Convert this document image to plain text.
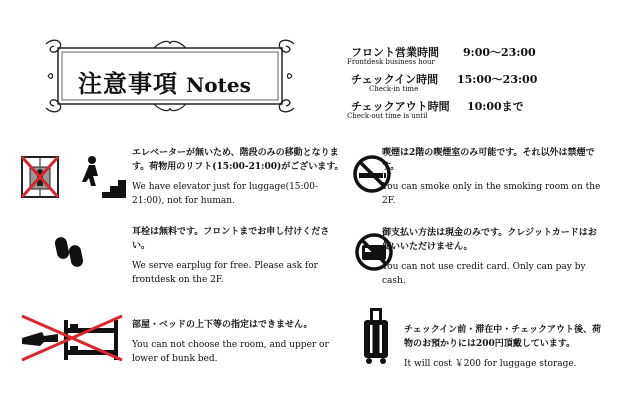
注意事項 Notes
フロント営業時間
Frontdesk business hour
9:00～23:00
チェックイン時間
Check-in time
15:00～23:00
チェックアウト時間
Check-out time is until
10:00まで
エレベーターが無いため、階段のみの移動となります。荷物用のリフト(15:00-21:00)がございます。
We have elevator just for luggage(15:00-21:00), not for human.
耳栓は無料です。フロントまでお申し付けください。
We serve earplug for free. Please ask for frontdesk on the 2F.
部屋・ベッドの上下等の指定はできません。
You can not choose the room, and upper or lower of bunk bed.
喫煙は2階の喫煙室のみ可能です。それ以外は禁煙です。
You can smoke only in the smoking room on the 2F.
御支払い方法は現金のみです。クレジットカードはお使いいただけません。
You can not use credit card. Only can pay by cash.
チェックイン前・滞在中・チェックアウト後、荷物のお預かりには200円頂戴しています。
It will cost ￥200 for luggage storage.
